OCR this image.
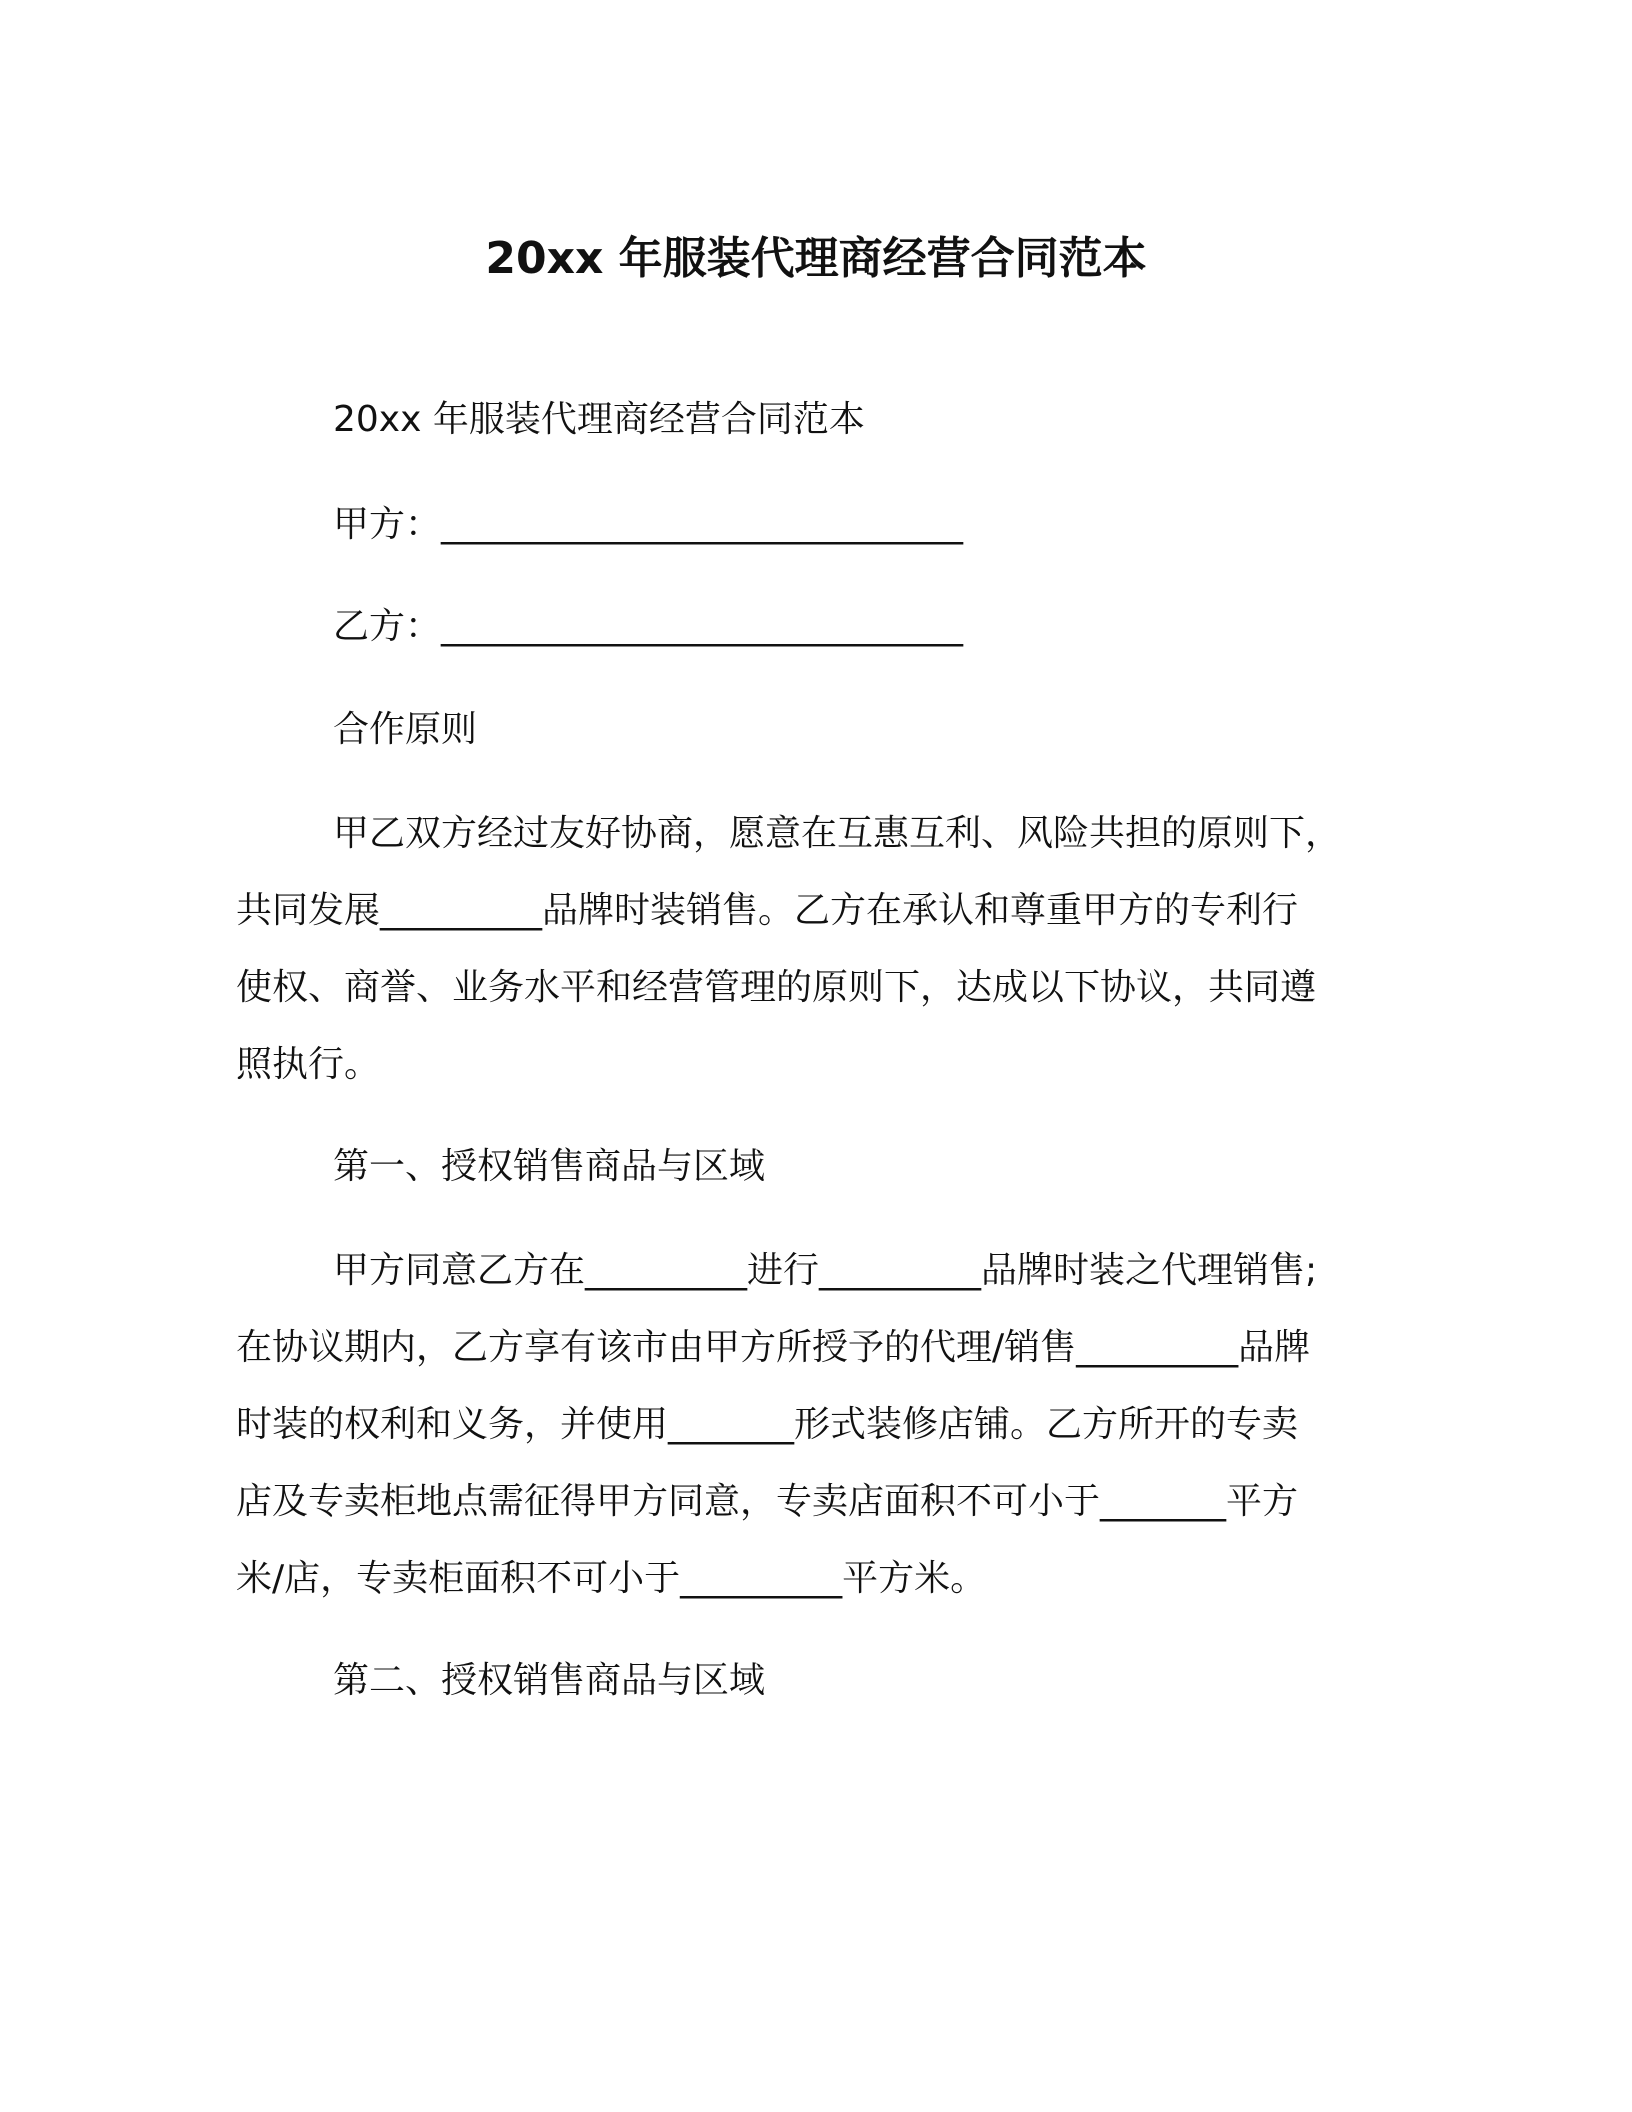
20xx 年服装代理商经营合同范本
20xx 年服装代理商经营合同范本
甲方：_____________________________
乙方：_____________________________
合作原则
甲乙双方经过友好协商，愿意在互惠互利、风险共担的原则下，
共同发展_________品牌时装销售。乙方在承认和尊重甲方的专利行
使权、商誉、业务水平和经营管理的原则下，达成以下协议，共同遵
照执行。
第一、授权销售商品与区域
甲方同意乙方在_________进行_________品牌时装之代理销售;
在协议期内，乙方享有该市由甲方所授予的代理/销售_________品牌
时装的权利和义务，并使用_______形式装修店铺。乙方所开的专卖
店及专卖柜地点需征得甲方同意，专卖店面积不可小于_______平方
米/店，专卖柜面积不可小于_________平方米。
第二、授权销售商品与区域
